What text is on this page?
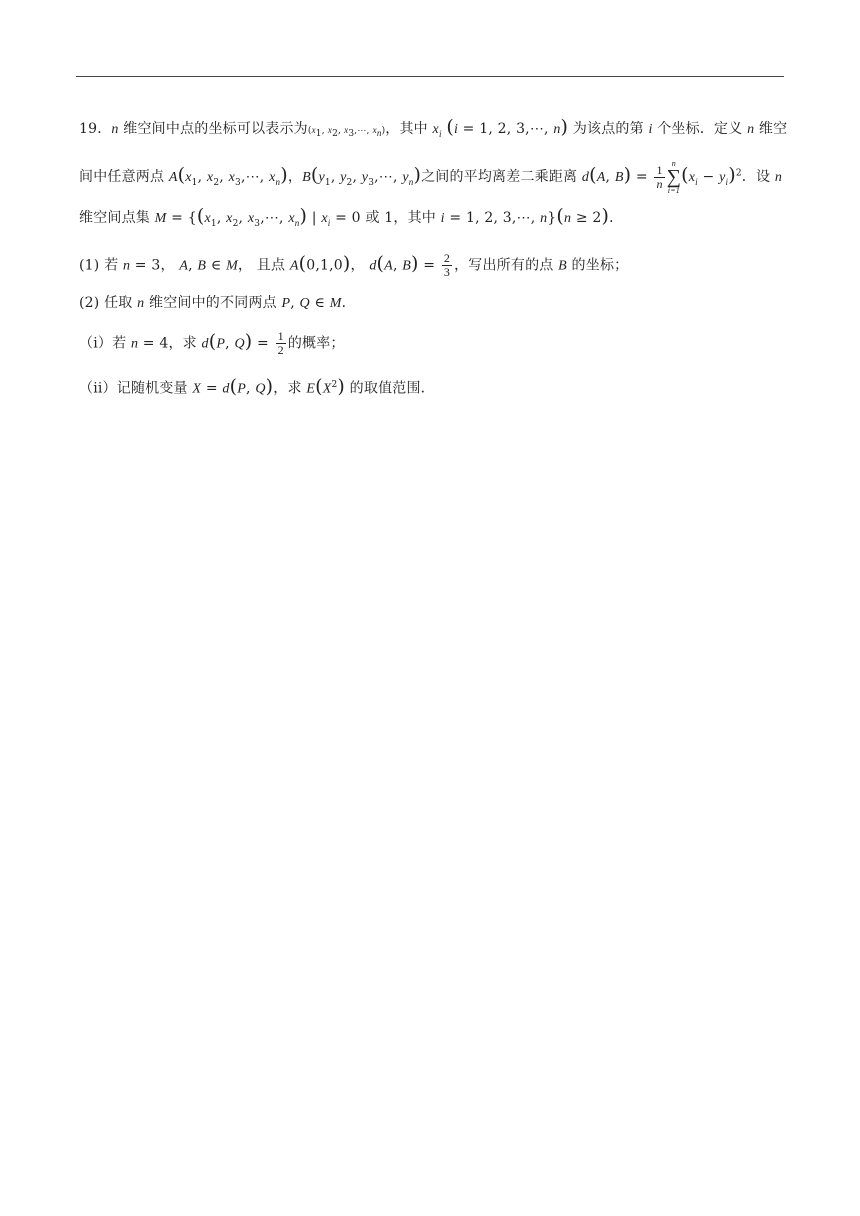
19．n 维空间中点的坐标可以表示为($x_1$, $x_2$, $x_3,\cdots$, $x_n$)，其中 $x_i$ (i = 1, 2, 3,⋯, n) 为该点的第 i 个坐标．定义 n 维空
间中任意两点 $A(x_1$, $x_2$, $x_3,\cdots$, $x_n$)，$B(y_1$, $y_2$, $y_3,\cdots$, $y_n$)之间的平均离差二乘距离 d(A, $B) = \frac{1}{n}$ n
∑
i=1
$(x_i - y_i)^2$．设 n
维空间点集 $M = \{(x_1$, $x_2$, $x_3,\cdots$, $x_n$) | $x_i = 0$ 或 1，其中 i = 1, 2, 3,⋯, n}(n ≥ 2)．
(1) 若 n = 3， A, B ∈ M， 且点 A(0,1,0)， d(A, $B) = \frac{2}{3}$ ，写出所有的点 B 的坐标；
(2) 任取 n 维空间中的不同两点 P, Q ∈ M．
（i）若 n = 4，求 d(P, $Q) = \frac{1}{2}$ 的概率；
（ii）记随机变量 X = d(P, Q)，求 $E(X^2)$ 的取值范围．
